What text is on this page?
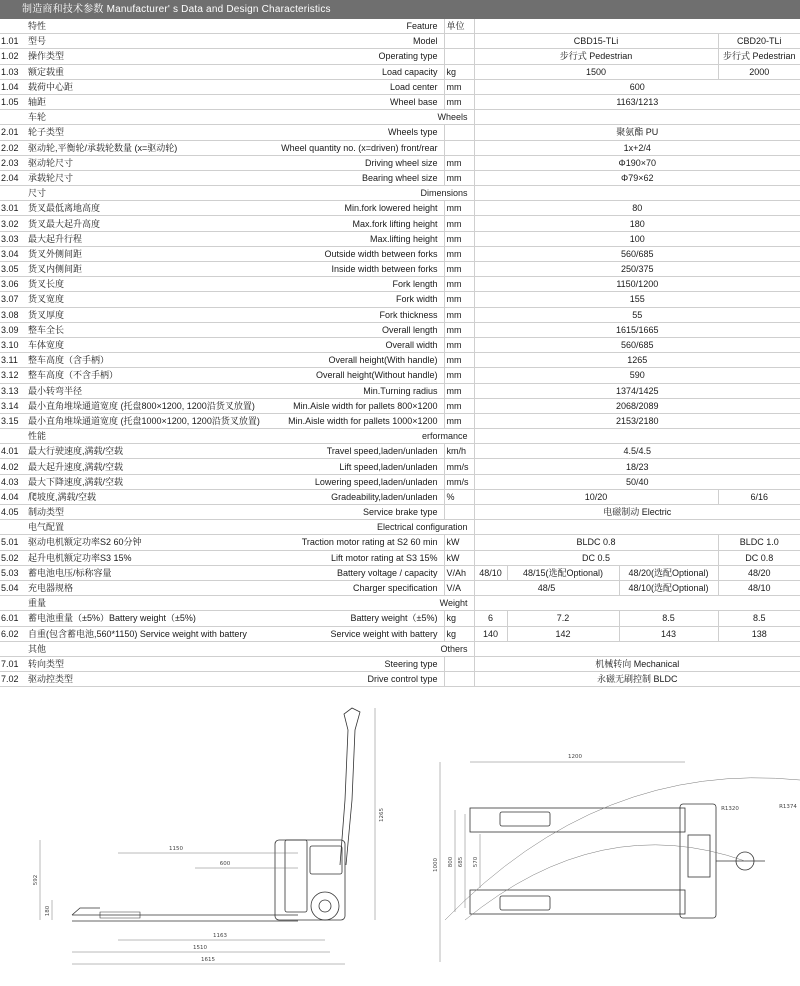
制造商和技术参数 Manufacturer' s Data and Design Characteristics
	特性	Feature	单位				
1.01	型号	Model		CBD15-TLi			CBD20-TLi
1.02	操作类型	Operating type		步行式 Pedestrian			步行式 Pedestrian
1.03	额定载重	Load capacity	kg	1500			2000
1.04	载荷中心距	Load center	mm	600			
1.05	轴距	Wheel base	mm	1163/1213			
	车轮	Wheels					
2.01	轮子类型	Wheels type		聚氨酯 PU			
2.02	驱动轮,平衡轮/承载轮数量 (x=驱动轮)	Wheel quantity no. (x=driven) front/rear		1x+2/4			
2.03	驱动轮尺寸	Driving wheel size	mm	Φ190×70			
2.04	承载轮尺寸	Bearing wheel size	mm	Φ79×62			
	尺寸	Dimensions					
3.01	货叉最低离地高度	Min.fork lowered height	mm	80			
3.02	货叉最大起升高度	Max.fork lifting height	mm	180			
3.03	最大起升行程	Max.lifting height	mm	100			
3.04	货叉外侧间距	Outside width between forks	mm	560/685			
3.05	货叉内侧间距	Inside width between forks	mm	250/375			
3.06	货叉长度	Fork length	mm	1150/1200			
3.07	货叉宽度	Fork width	mm	155			
3.08	货叉厚度	Fork thickness	mm	55			
3.09	整车全长	Overall length	mm	1615/1665			
3.10	车体宽度	Overall width	mm	560/685			
3.11	整车高度（含手柄）	Overall height(With handle)	mm	1265			
3.12	整车高度（不含手柄）	Overall height(Without handle)	mm	590			
3.13	最小转弯半径	Min.Turning radius	mm	1374/1425			
3.14	最小直角堆垛通道宽度 (托盘800×1200, 1200沿货叉放置)	Min.Aisle width for pallets 800×1200	mm	2068/2089			
3.15	最小直角堆垛通道宽度 (托盘1000×1200, 1200沿货叉放置)	Min.Aisle width for pallets 1000×1200	mm	2153/2180			
	性能	erformance					
4.01	最大行驶速度,满载/空载	Travel speed,laden/unladen	km/h	4.5/4.5			
4.02	最大起升速度,满载/空载	Lift speed,laden/unladen	mm/s	18/23			
4.03	最大下降速度,满载/空载	Lowering speed,laden/unladen	mm/s	50/40			
4.04	爬坡度,满载/空载	Gradeability,laden/unladen	%	10/20			6/16
4.05	制动类型	Service brake type		电磁制动 Electric			
	电气配置	Electrical configuration					
5.01	驱动电机额定功率S2 60分钟	Traction motor rating at S2 60 min	kW	BLDC 0.8			BLDC 1.0
5.02	起升电机额定功率S3 15%	Lift motor rating at S3 15%	kW	DC 0.5			DC 0.8
5.03	蓄电池电压/标称容量	Battery voltage / capacity	V/Ah	48/10	48/15(选配Optional)	48/20(选配Optional)	48/20
5.04	充电器规格	Charger specification	V/A	48/5		48/10(选配Optional)	48/10
	重量	Weight					
6.01	蓄电池重量（±5%）Battery weight（±5%)	Battery weight（±5%)	kg	6	7.2	8.5	8.5
6.02	自重(包含蓄电池,560*1150) Service weight with battery	Service weight with battery	kg	140	142	143	138
	其他	Others					
7.01	转向类型	Steering type		机械转向 Mechanical			
7.02	驱动控类型	Drive control type		永磁无刷控制 BLDC			
1150
600
1163
1510
1615
1265
592
180
1200
1000 800 685 570
R1374
R1320
